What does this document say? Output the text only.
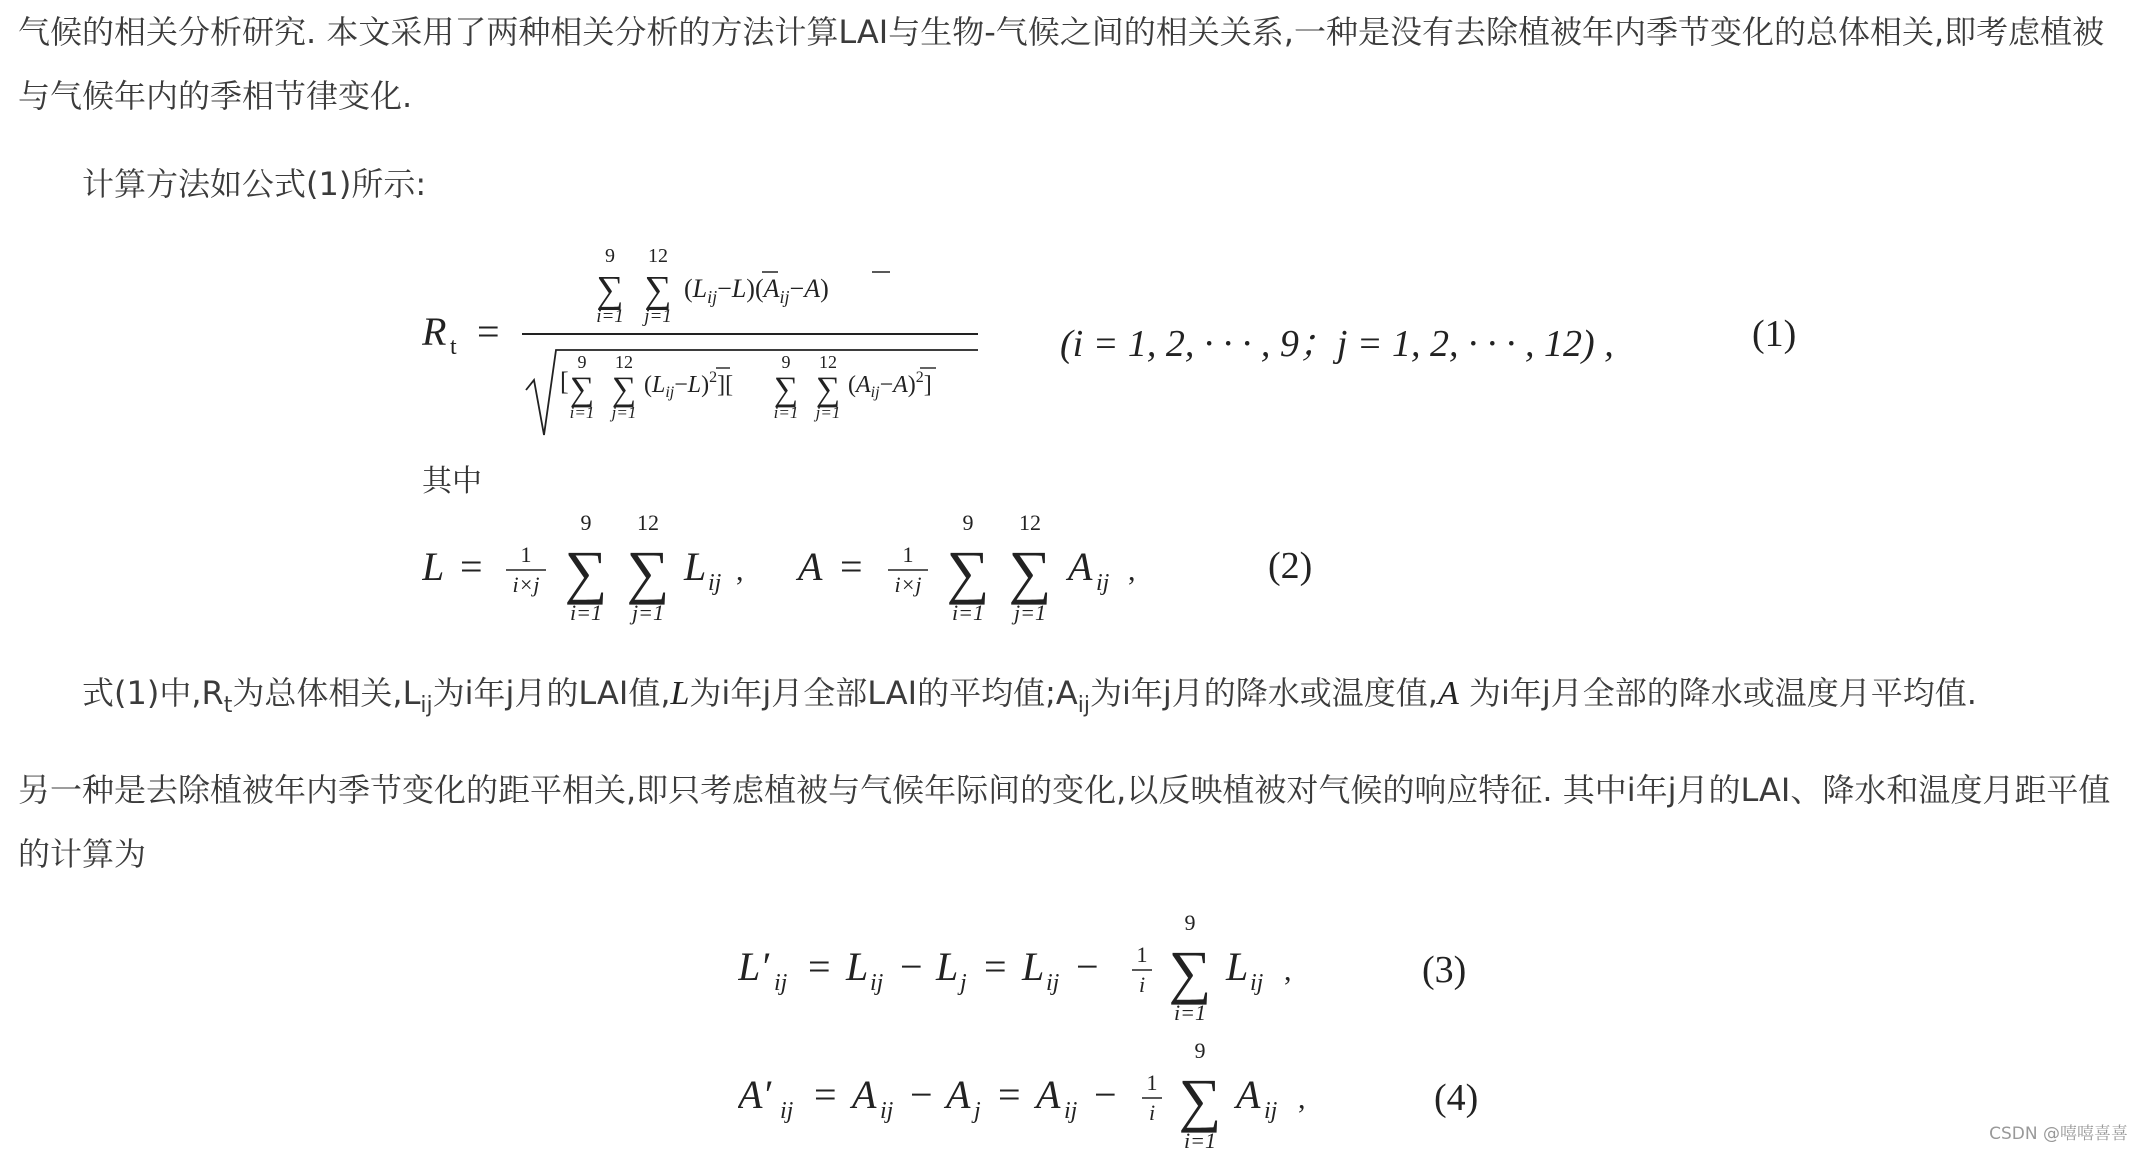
气候的相关分析研究. 本文采用了两种相关分析的方法计算LAI与生物-气候之间的相关关系,一种是没有去除植被年内季节变化的总体相关,即考虑植被与气候年内的季相节律变化.
计算方法如公式(1)所示:
R t =
9
∑
i=1
12
∑
j=1
$(L_{ij}-L)(A_{ij}-A)$
[
9
∑
i=1
12
∑
j=1
$(L_{ij}-L)^2$][
9
∑
i=1
12
∑
j=1
$(A_{ij}-A)^2$]
(i = 1, 2, · · · , 9；j = 1, 2, · · · , 12) ,	(1)
其中
L = 1
i×j
9
∑
i=1
12
∑
j=1
L ij , A = 1
i×j
9
∑
i=1
12
∑
j=1
A ij ,	(2)
式(1)中$,R_t$为总体相关$,L_{ij}$为i年j月的LAI值,L为i年j月全部LAI的平均值$;A_{ij}$为i年j月的降水或温度值,A 为i年j月全部的降水或温度月平均值.
另一种是去除植被年内季节变化的距平相关,即只考虑植被与气候年际间的变化,以反映植被对气候的响应特征. 其中i年j月的LAI、降水和温度月距平值的计算为
L′ ij = L ij − L j = L ij − 1
i
9
∑
i=1
L ij ,	(3)
A′ ij = A ij − A j = A ij − 1
i
9
∑
i=1
A ij ,	(4)
CSDN @嘻嘻喜喜
